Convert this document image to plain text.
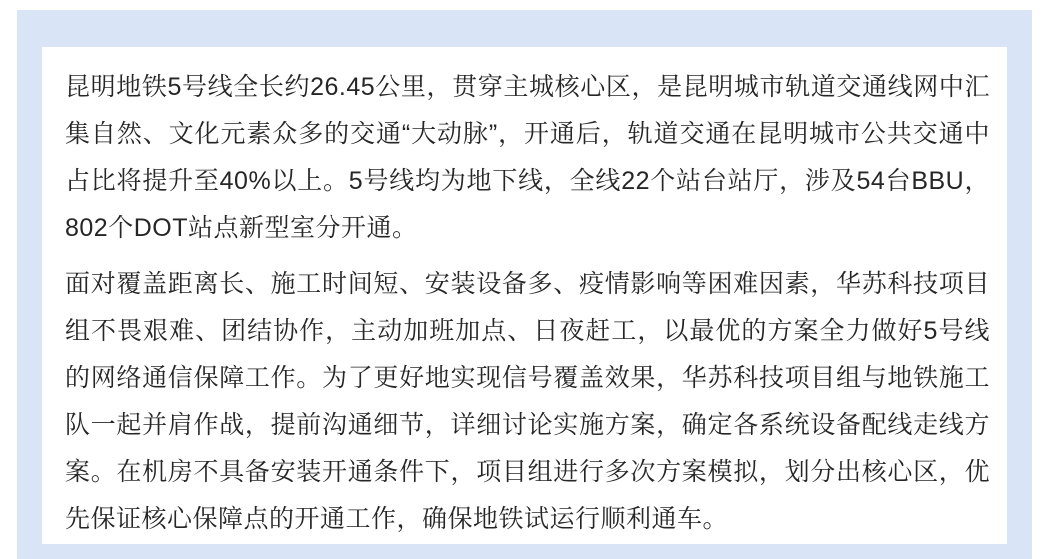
昆明地铁5号线全长约26.45公里，贯穿主城核心区，是昆明城市轨道交通线网中汇集自然、文化元素众多的交通“大动脉”，开通后，轨道交通在昆明城市公共交通中占比将提升至40%以上。5号线均为地下线，全线22个站台站厅，涉及54台BBU，802个DOT站点新型室分开通。

面对覆盖距离长、施工时间短、安装设备多、疫情影响等困难因素，华苏科技项目组不畏艰难、团结协作，主动加班加点、日夜赶工，以最优的方案全力做好5号线的网络通信保障工作。为了更好地实现信号覆盖效果，华苏科技项目组与地铁施工队一起并肩作战，提前沟通细节，详细讨论实施方案，确定各系统设备配线走线方案。在机房不具备安装开通条件下，项目组进行多次方案模拟，划分出核心区，优先保证核心保障点的开通工作，确保地铁试运行顺利通车。
